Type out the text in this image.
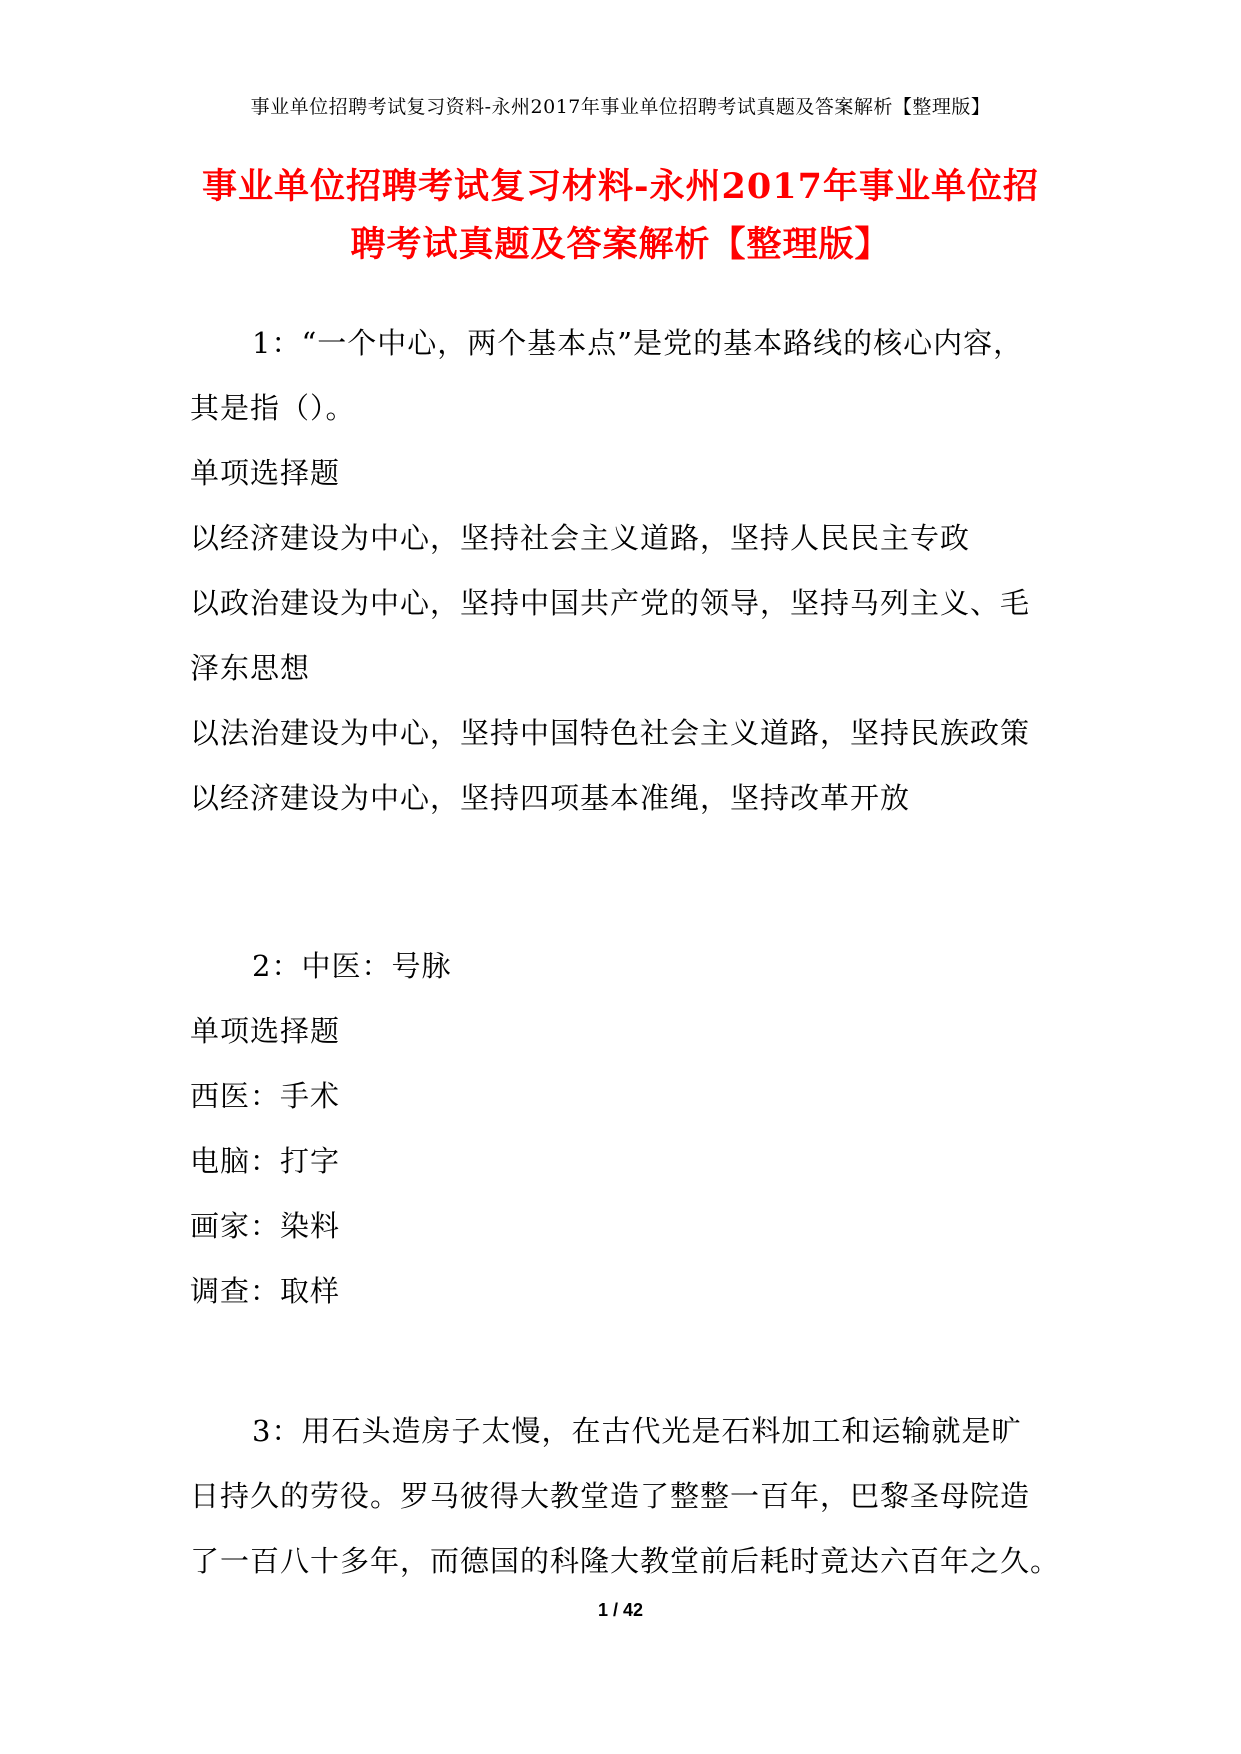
事业单位招聘考试复习资料-永州2017年事业单位招聘考试真题及答案解析【整理版】
事业单位招聘考试复习材料-永州2017年事业单位招
聘考试真题及答案解析【整理版】
1：“一个中心，两个基本点”是党的基本路线的核心内容，
其是指（）。
单项选择题
以经济建设为中心，坚持社会主义道路，坚持人民民主专政
以政治建设为中心，坚持中国共产党的领导，坚持马列主义、毛
泽东思想
以法治建设为中心，坚持中国特色社会主义道路，坚持民族政策
以经济建设为中心，坚持四项基本准绳，坚持改革开放
2：中医：号脉
单项选择题
西医：手术
电脑：打字
画家：染料
调查：取样
3：用石头造房子太慢，在古代光是石料加工和运输就是旷
日持久的劳役。罗马彼得大教堂造了整整一百年，巴黎圣母院造
了一百八十多年，而德国的科隆大教堂前后耗时竟达六百年之久。
1 / 42
